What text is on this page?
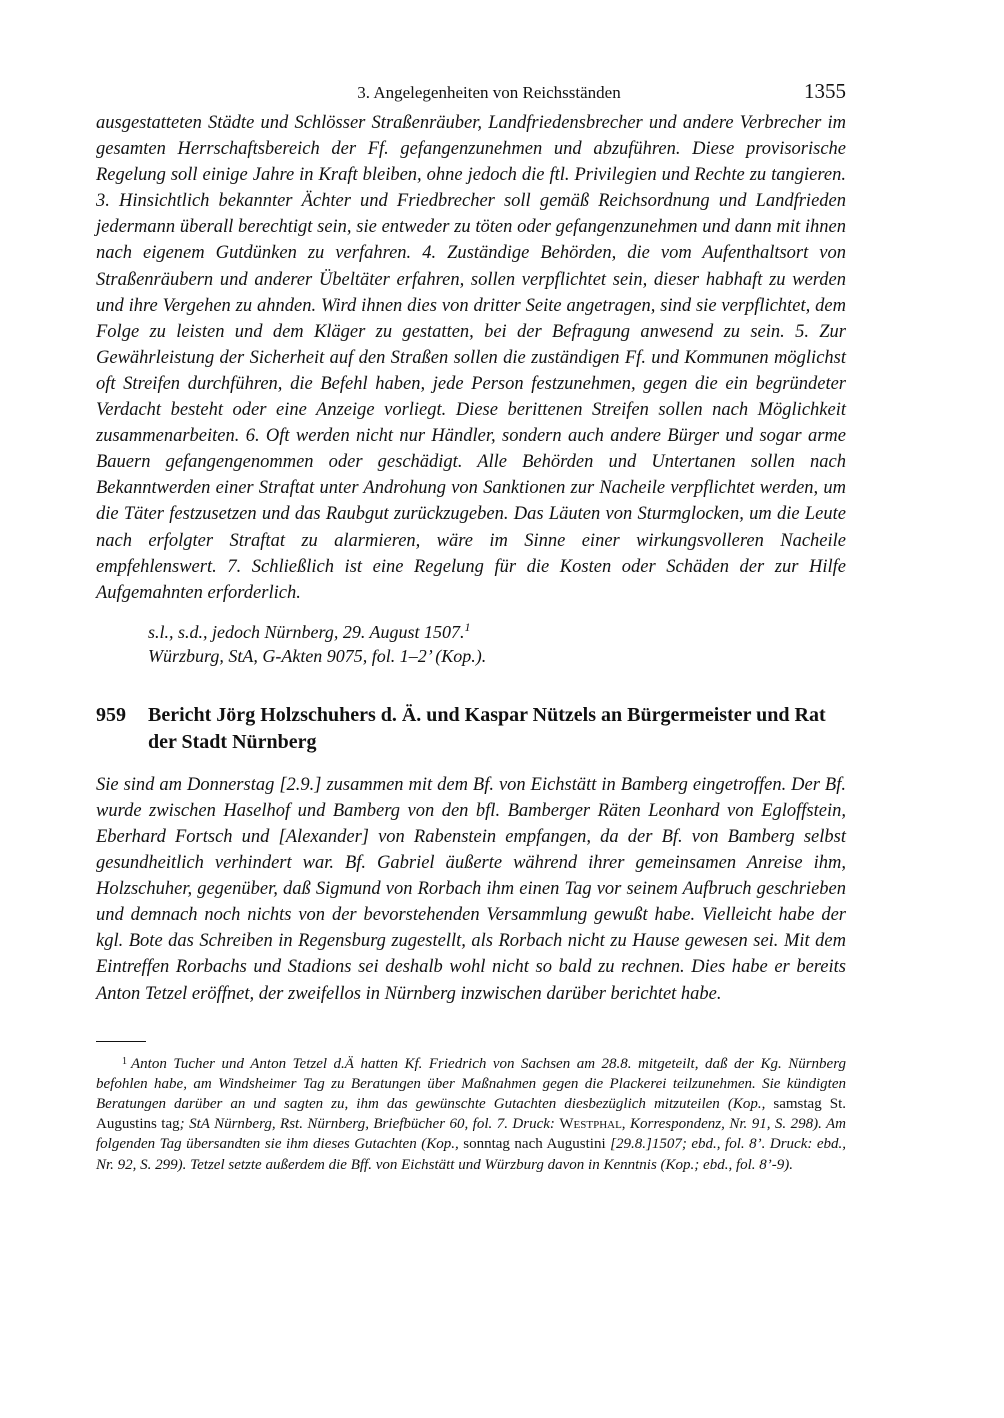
3. Angelegenheiten von Reichsständen	1355

ausgestatteten Städte und Schlösser Straßenräuber, Landfriedensbrecher und andere Verbrecher im gesamten Herrschaftsbereich der Ff. gefangenzunehmen und abzuführen. Diese provisorische Regelung soll einige Jahre in Kraft bleiben, ohne jedoch die ftl. Privilegien und Rechte zu tangieren. 3. Hinsichtlich bekannter Ächter und Friedbrecher soll gemäß Reichsordnung und Landfrieden jedermann überall berechtigt sein, sie entweder zu töten oder gefangenzunehmen und dann mit ihnen nach eigenem Gutdünken zu verfahren. 4. Zuständige Behörden, die vom Aufenthaltsort von Straßenräubern und anderer Übeltäter erfahren, sollen verpflichtet sein, dieser habhaft zu werden und ihre Vergehen zu ahnden. Wird ihnen dies von dritter Seite angetragen, sind sie verpflichtet, dem Folge zu leisten und dem Kläger zu gestatten, bei der Befragung anwesend zu sein. 5. Zur Gewährleistung der Sicherheit auf den Straßen sollen die zuständigen Ff. und Kommunen möglichst oft Streifen durchführen, die Befehl haben, jede Person festzunehmen, gegen die ein begründeter Verdacht besteht oder eine Anzeige vorliegt. Diese berittenen Streifen sollen nach Möglichkeit zusammenarbeiten. 6. Oft werden nicht nur Händler, sondern auch andere Bürger und sogar arme Bauern gefangengenommen oder geschädigt. Alle Behörden und Untertanen sollen nach Bekanntwerden einer Straftat unter Androhung von Sanktionen zur Nacheile verpflichtet werden, um die Täter festzusetzen und das Raubgut zurückzugeben. Das Läuten von Sturmglocken, um die Leute nach erfolgter Straftat zu alarmieren, wäre im Sinne einer wirkungsvolleren Nacheile empfehlenswert. 7. Schließlich ist eine Regelung für die Kosten oder Schäden der zur Hilfe Aufgemahnten erforderlich.

s.l., s.d., jedoch Nürnberg, 29. August 1507.$^1$
Würzburg, StA, G-Akten 9075, fol. 1–2’ (Kop.).
959	Bericht Jörg Holzschuhers d. Ä. und Kaspar Nützels an Bürgermeister und Rat der Stadt Nürnberg

Sie sind am Donnerstag [2.9.] zusammen mit dem Bf. von Eichstätt in Bamberg eingetroffen. Der Bf. wurde zwischen Haselhof und Bamberg von den bfl. Bamberger Räten Leonhard von Egloffstein, Eberhard Fortsch und [Alexander] von Rabenstein empfangen, da der Bf. von Bamberg selbst gesundheitlich verhindert war. Bf. Gabriel äußerte während ihrer gemeinsamen Anreise ihm, Holzschuher, gegenüber, daß Sigmund von Rorbach ihm einen Tag vor seinem Aufbruch geschrieben und demnach noch nichts von der bevorstehenden Versammlung gewußt habe. Vielleicht habe der kgl. Bote das Schreiben in Regensburg zugestellt, als Rorbach nicht zu Hause gewesen sei. Mit dem Eintreffen Rorbachs und Stadions sei deshalb wohl nicht so bald zu rechnen. Dies habe er bereits Anton Tetzel eröffnet, der zweifellos in Nürnberg inzwischen darüber berichtet habe.

$^1$ Anton Tucher und Anton Tetzel d.Ä hatten Kf. Friedrich von Sachsen am 28.8. mitgeteilt, daß der Kg. Nürnberg befohlen habe, am Windsheimer Tag zu Beratungen über Maßnahmen gegen die Plackerei teilzunehmen. Sie kündigten Beratungen darüber an und sagten zu, ihm das gewünschte Gutachten diesbezüglich mitzuteilen (Kop., samstag St. Augustins tag; StA Nürnberg, Rst. Nürnberg, Briefbücher 60, fol. 7. Druck: Westphal, Korrespondenz, Nr. 91, S. 298). Am folgenden Tag übersandten sie ihm dieses Gutachten (Kop., sonntag nach Augustini [29.8.]1507; ebd., fol. 8’. Druck: ebd., Nr. 92, S. 299). Tetzel setzte außerdem die Bff. von Eichstätt und Würzburg davon in Kenntnis (Kop.; ebd., fol. 8’-9).
